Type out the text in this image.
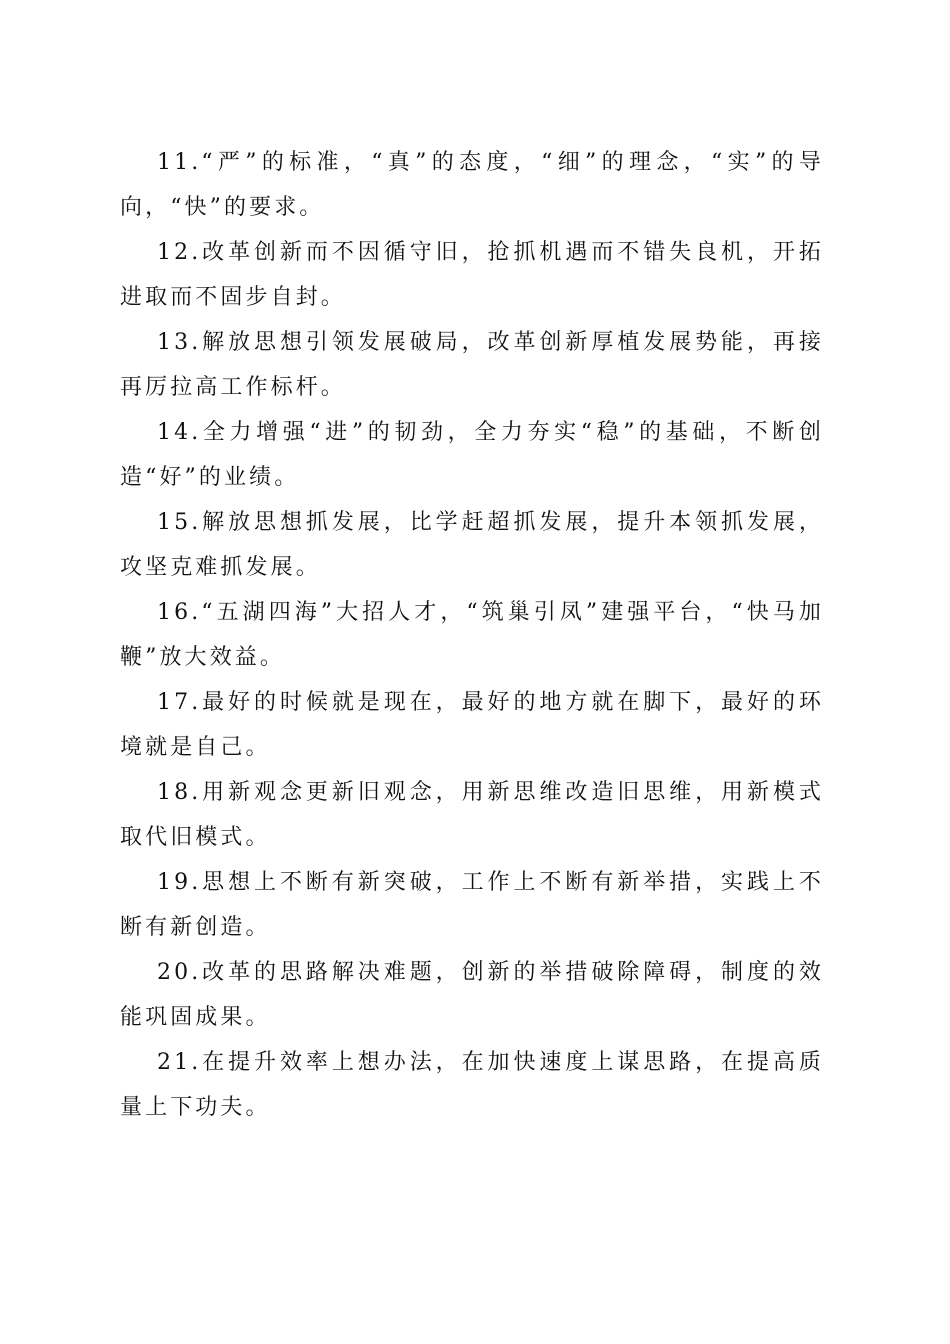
11.“严”的标准，“真”的态度，“细”的理念，“实”的导向，“快”的要求。

12.改革创新而不因循守旧，抢抓机遇而不错失良机，开拓进取而不固步自封。

13.解放思想引领发展破局，改革创新厚植发展势能，再接再厉拉高工作标杆。

14.全力增强“进”的韧劲，全力夯实“稳”的基础，不断创造“好”的业绩。

15.解放思想抓发展，比学赶超抓发展，提升本领抓发展，攻坚克难抓发展。

16.“五湖四海”大招人才，“筑巢引凤”建强平台，“快马加鞭”放大效益。

17.最好的时候就是现在，最好的地方就在脚下，最好的环境就是自己。

18.用新观念更新旧观念，用新思维改造旧思维，用新模式取代旧模式。

19.思想上不断有新突破，工作上不断有新举措，实践上不断有新创造。

20.改革的思路解决难题，创新的举措破除障碍，制度的效能巩固成果。

21.在提升效率上想办法，在加快速度上谋思路，在提高质量上下功夫。
